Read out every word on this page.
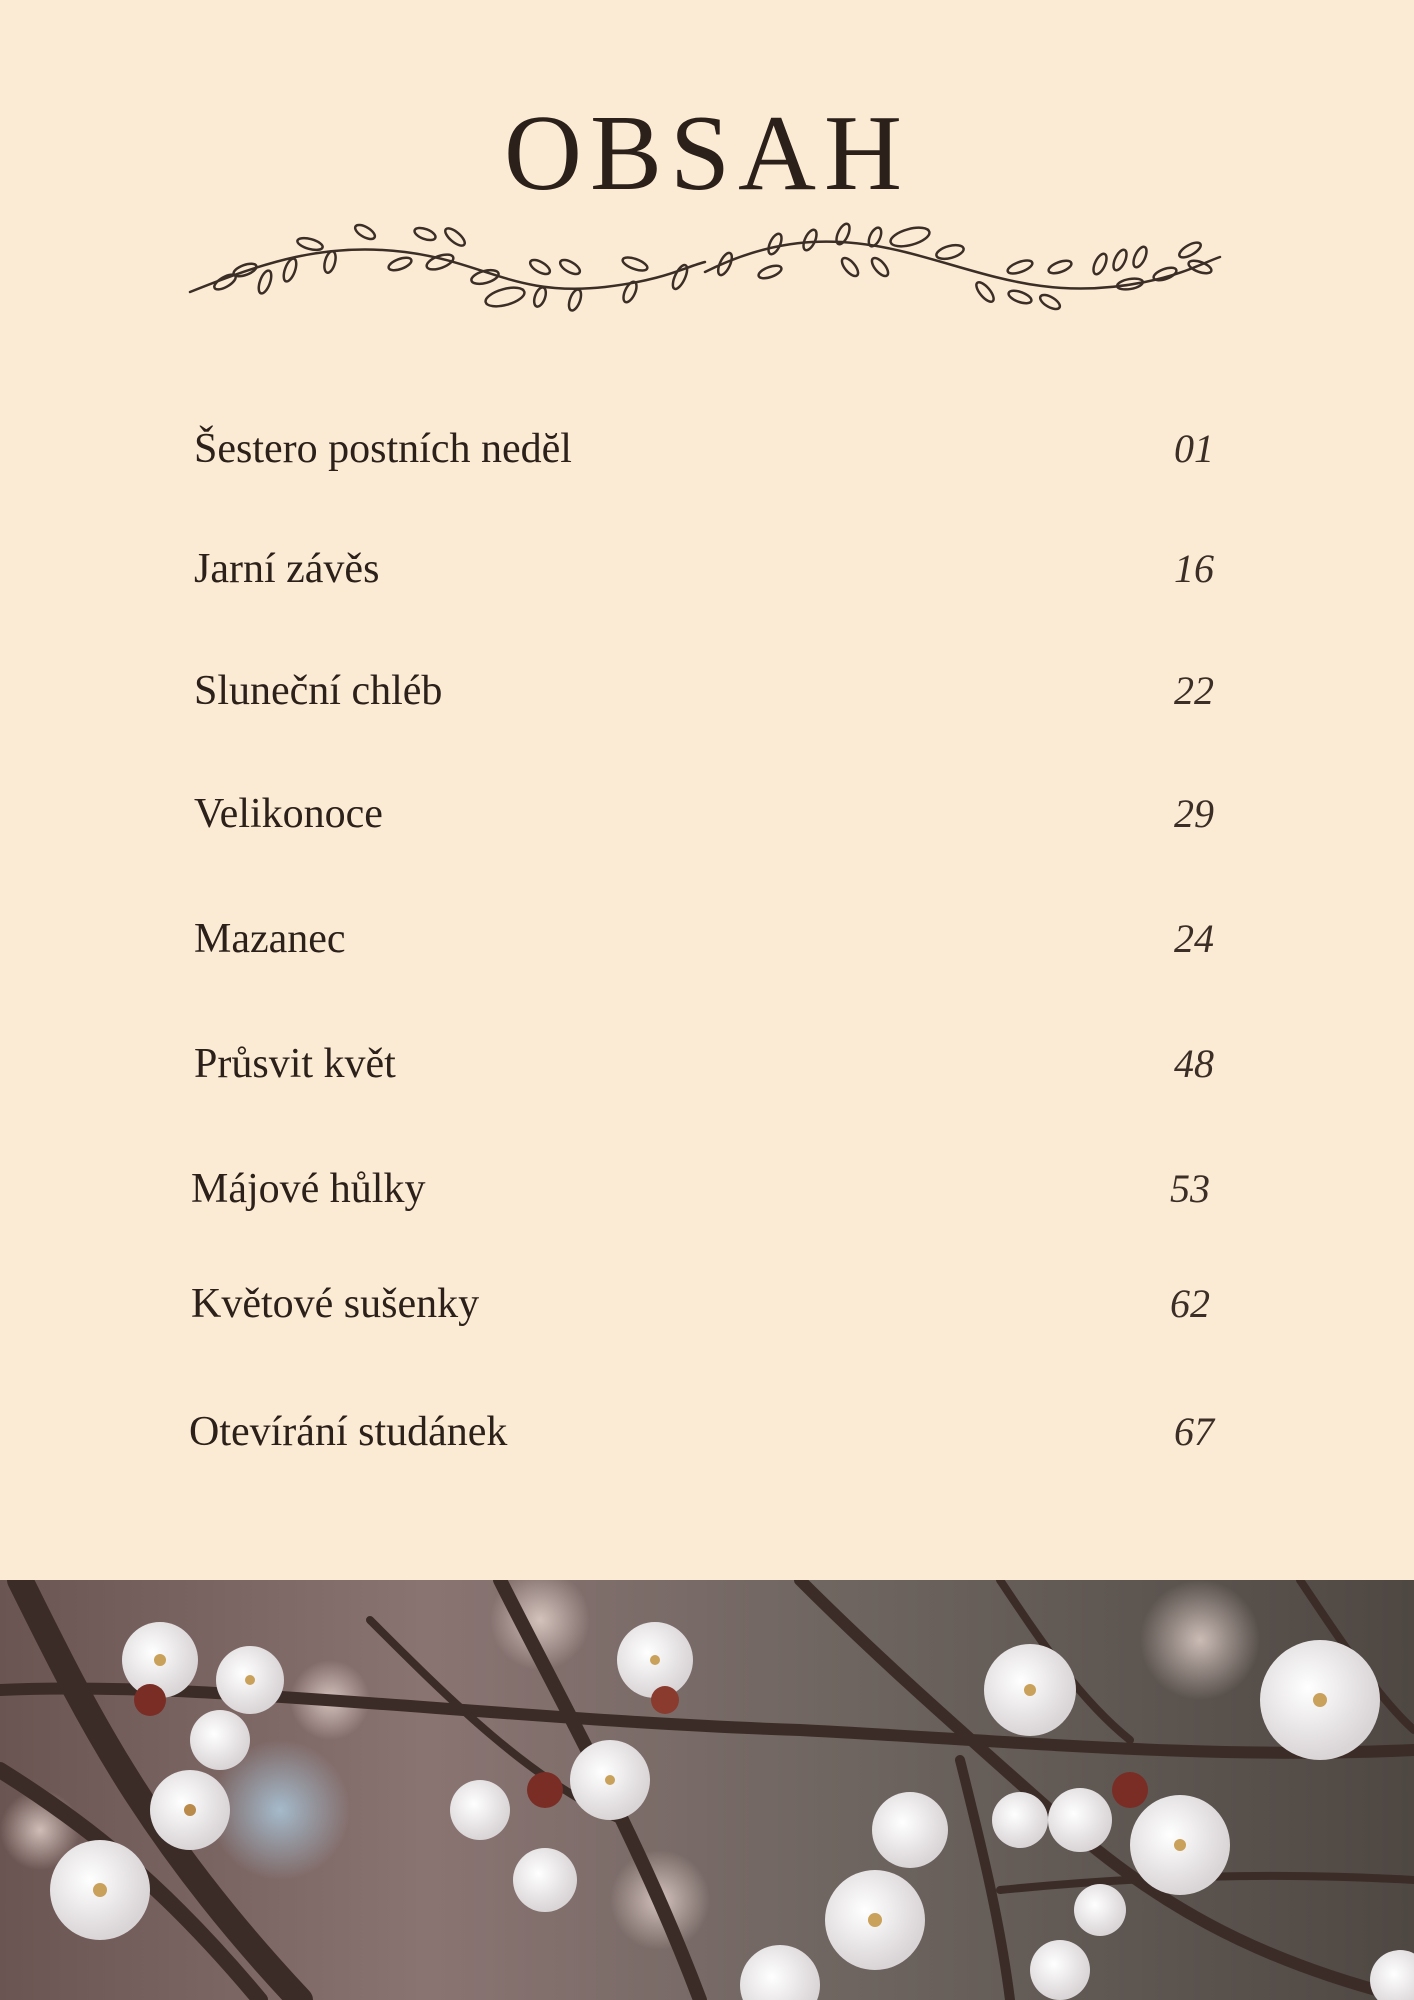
OBSAH
Šestero postních nedĕl	01
Jarní závěs	16
Sluneční chléb	22
Velikonoce	29
Mazanec	24
Průsvit květ	48
Májové hůlky	53
Květové sušenky	62
Otevírání studánek	67
